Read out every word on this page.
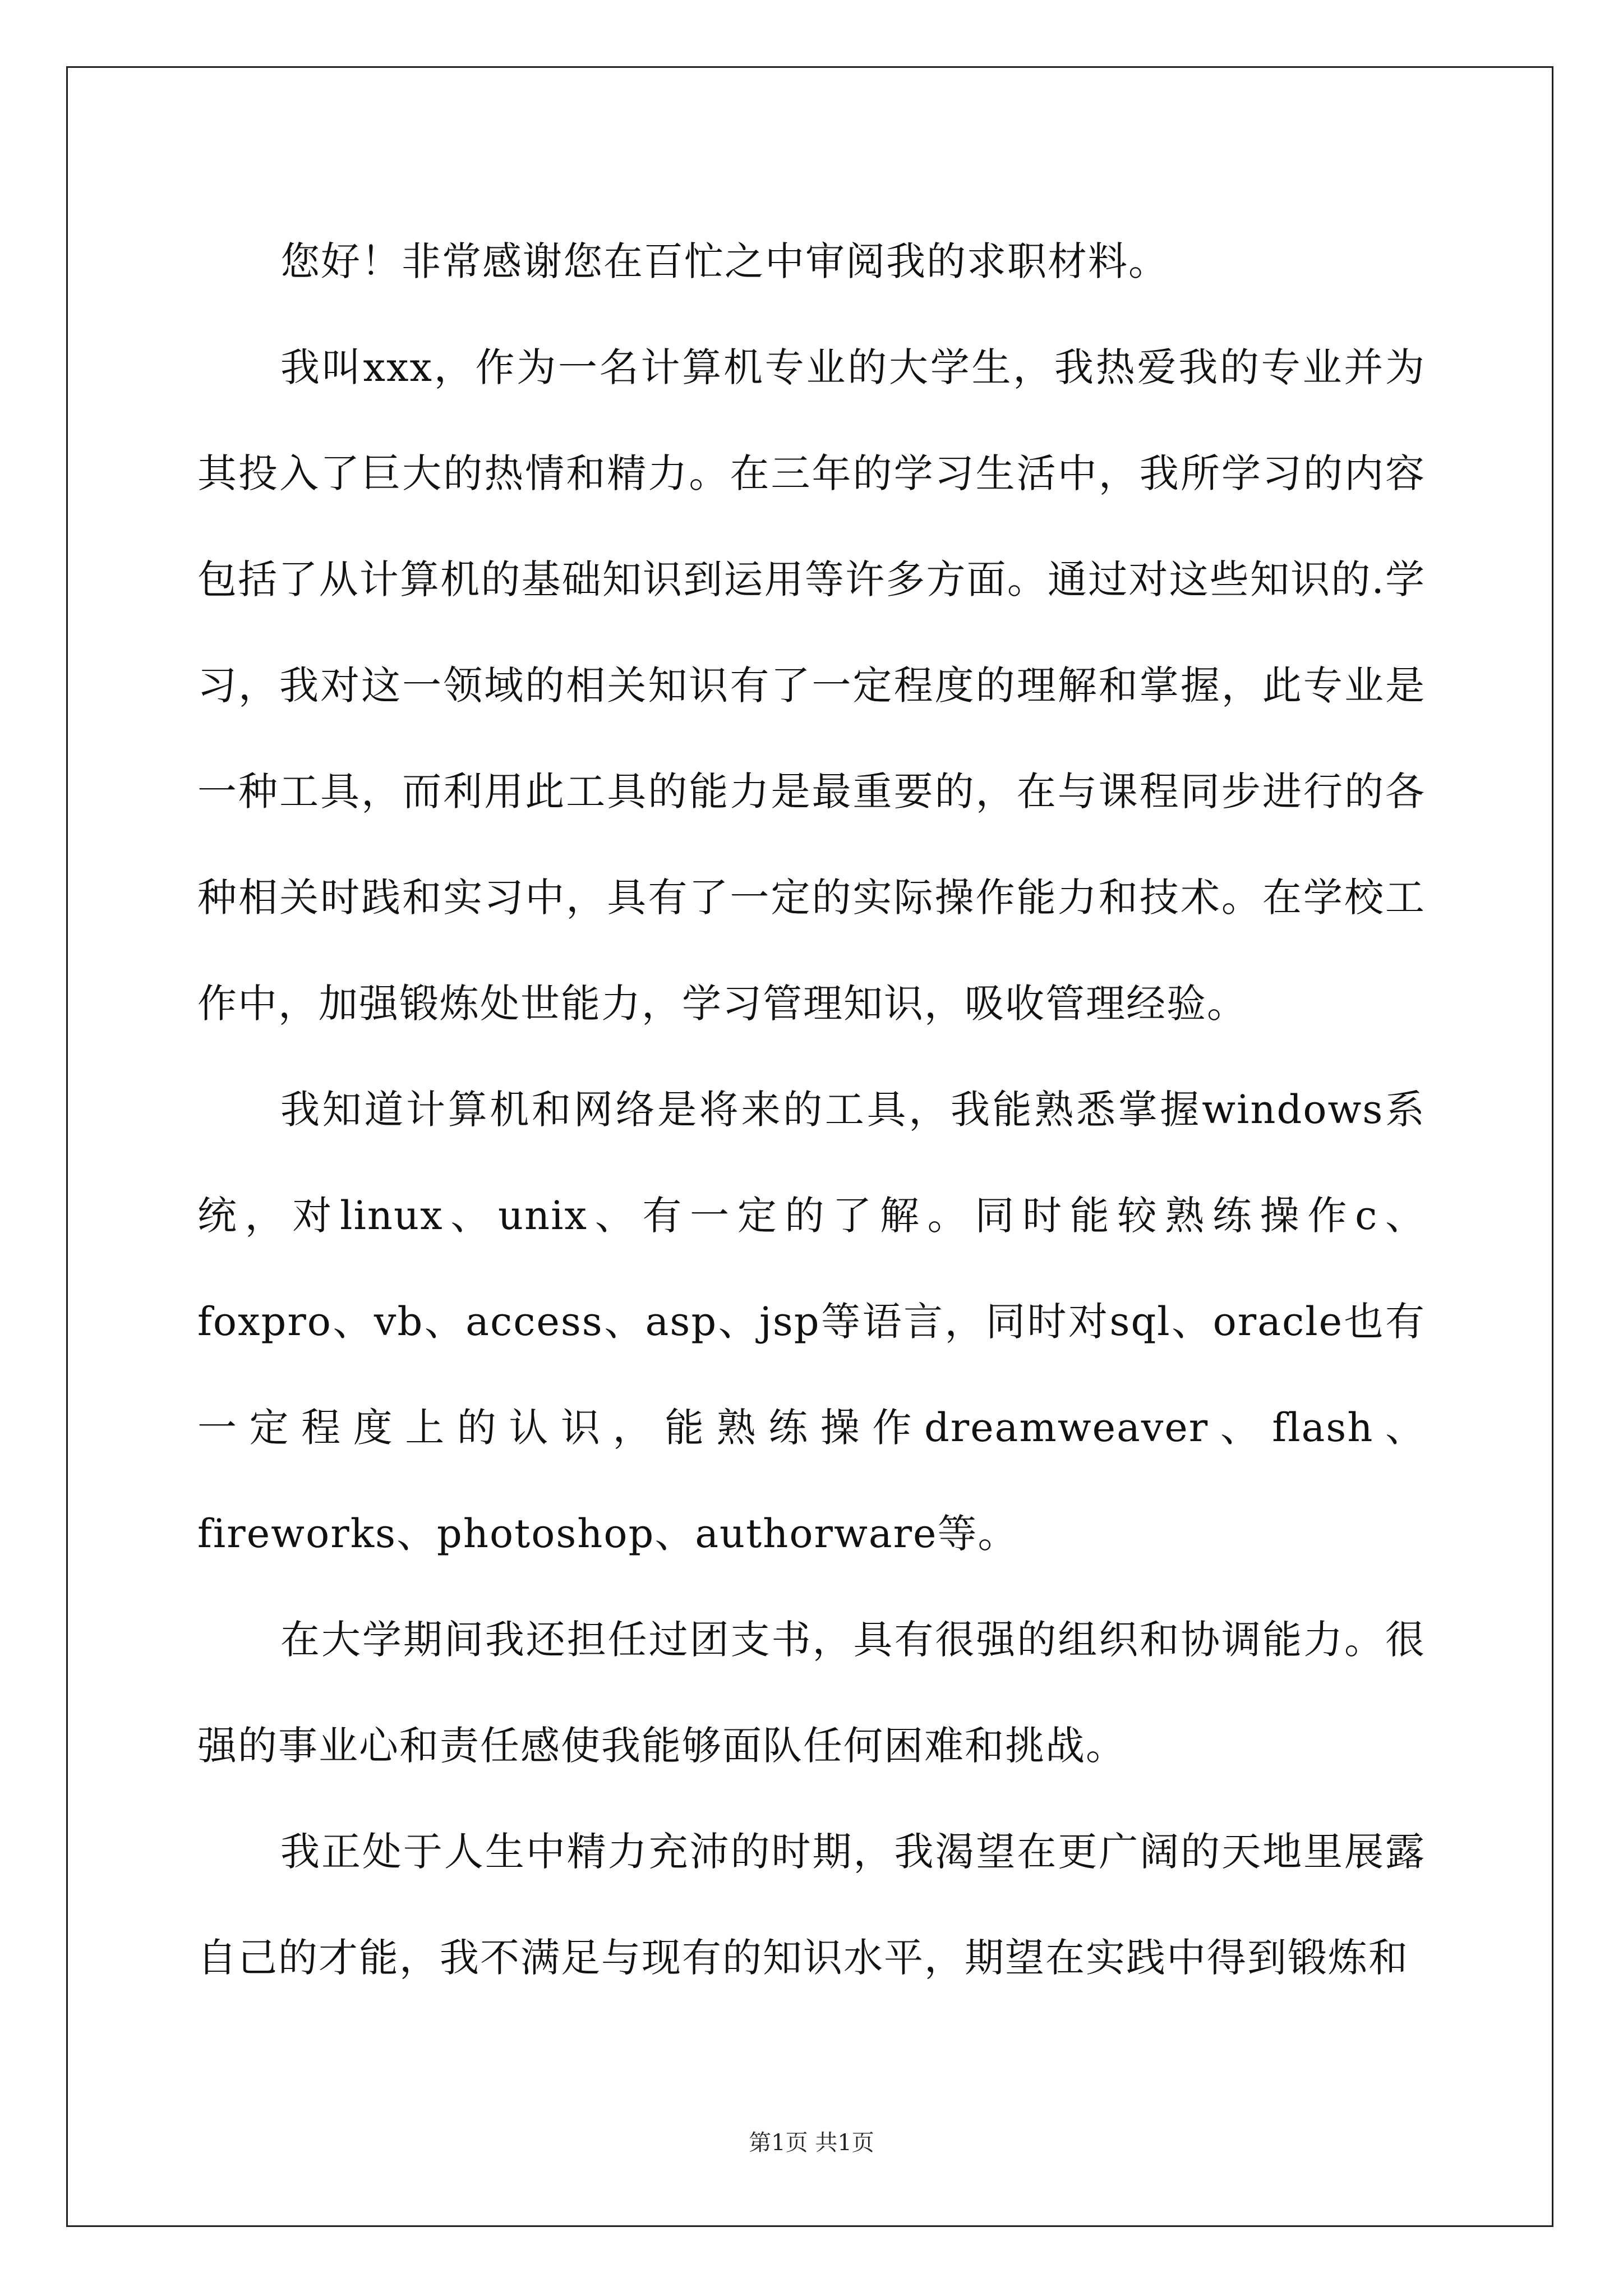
您好！非常感谢您在百忙之中审阅我的求职材料。

我叫xxx，作为一名计算机专业的大学生，我热爱我的专业并为其投入了巨大的热情和精力。在三年的学习生活中，我所学习的内容包括了从计算机的基础知识到运用等许多方面。通过对这些知识的.学习，我对这一领域的相关知识有了一定程度的理解和掌握，此专业是一种工具，而利用此工具的能力是最重要的，在与课程同步进行的各种相关时践和实习中，具有了一定的实际操作能力和技术。在学校工作中，加强锻炼处世能力，学习管理知识，吸收管理经验。

我知道计算机和网络是将来的工具，我能熟悉掌握windows系统，对linux、unix、有一定的了解。同时能较熟练操作c、foxpro、vb、access、asp、jsp等语言，同时对sql、oracle也有一定程度上的认识，能熟练操作dreamweaver、flash、fireworks、photoshop、authorware等。

在大学期间我还担任过团支书，具有很强的组织和协调能力。很强的事业心和责任感使我能够面队任何困难和挑战。

我正处于人生中精力充沛的时期，我渴望在更广阔的天地里展露自己的才能，我不满足与现有的知识水平，期望在实践中得到锻炼和

第1页 共1页
